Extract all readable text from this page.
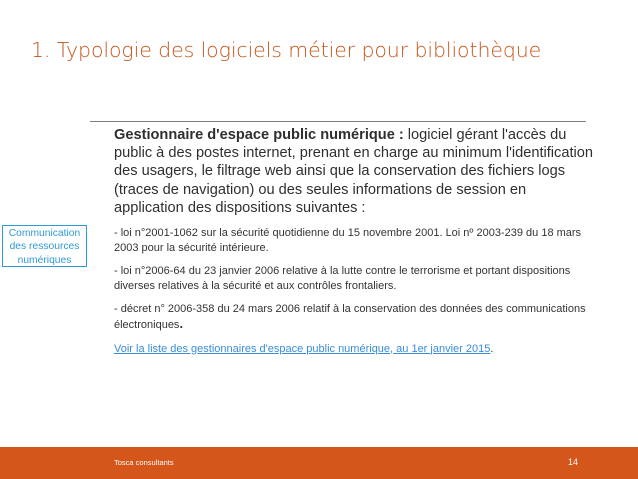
1. Typologie des logiciels métier pour bibliothèque
Communication des ressources numériques

Gestionnaire d'espace public numérique : logiciel gérant l'accès du public à des postes internet, prenant en charge au minimum l'identification des usagers, le filtrage web ainsi que la conservation des fichiers logs (traces de navigation) ou des seules informations de session en application des dispositions suivantes :

- loi n°2001-1062 sur la sécurité quotidienne du 15 novembre 2001. Loi nº 2003-239 du 18 mars 2003 pour la sécurité intérieure.

- loi n°2006-64 du 23 janvier 2006 relative à la lutte contre le terrorisme et portant dispositions diverses relatives à la sécurité et aux contrôles frontaliers.

- décret n° 2006-358 du 24 mars 2006 relatif à la conservation des données des communications électroniques.

Voir la liste des gestionnaires d'espace public numérique, au 1er janvier 2015.

Tosca consultants	14
